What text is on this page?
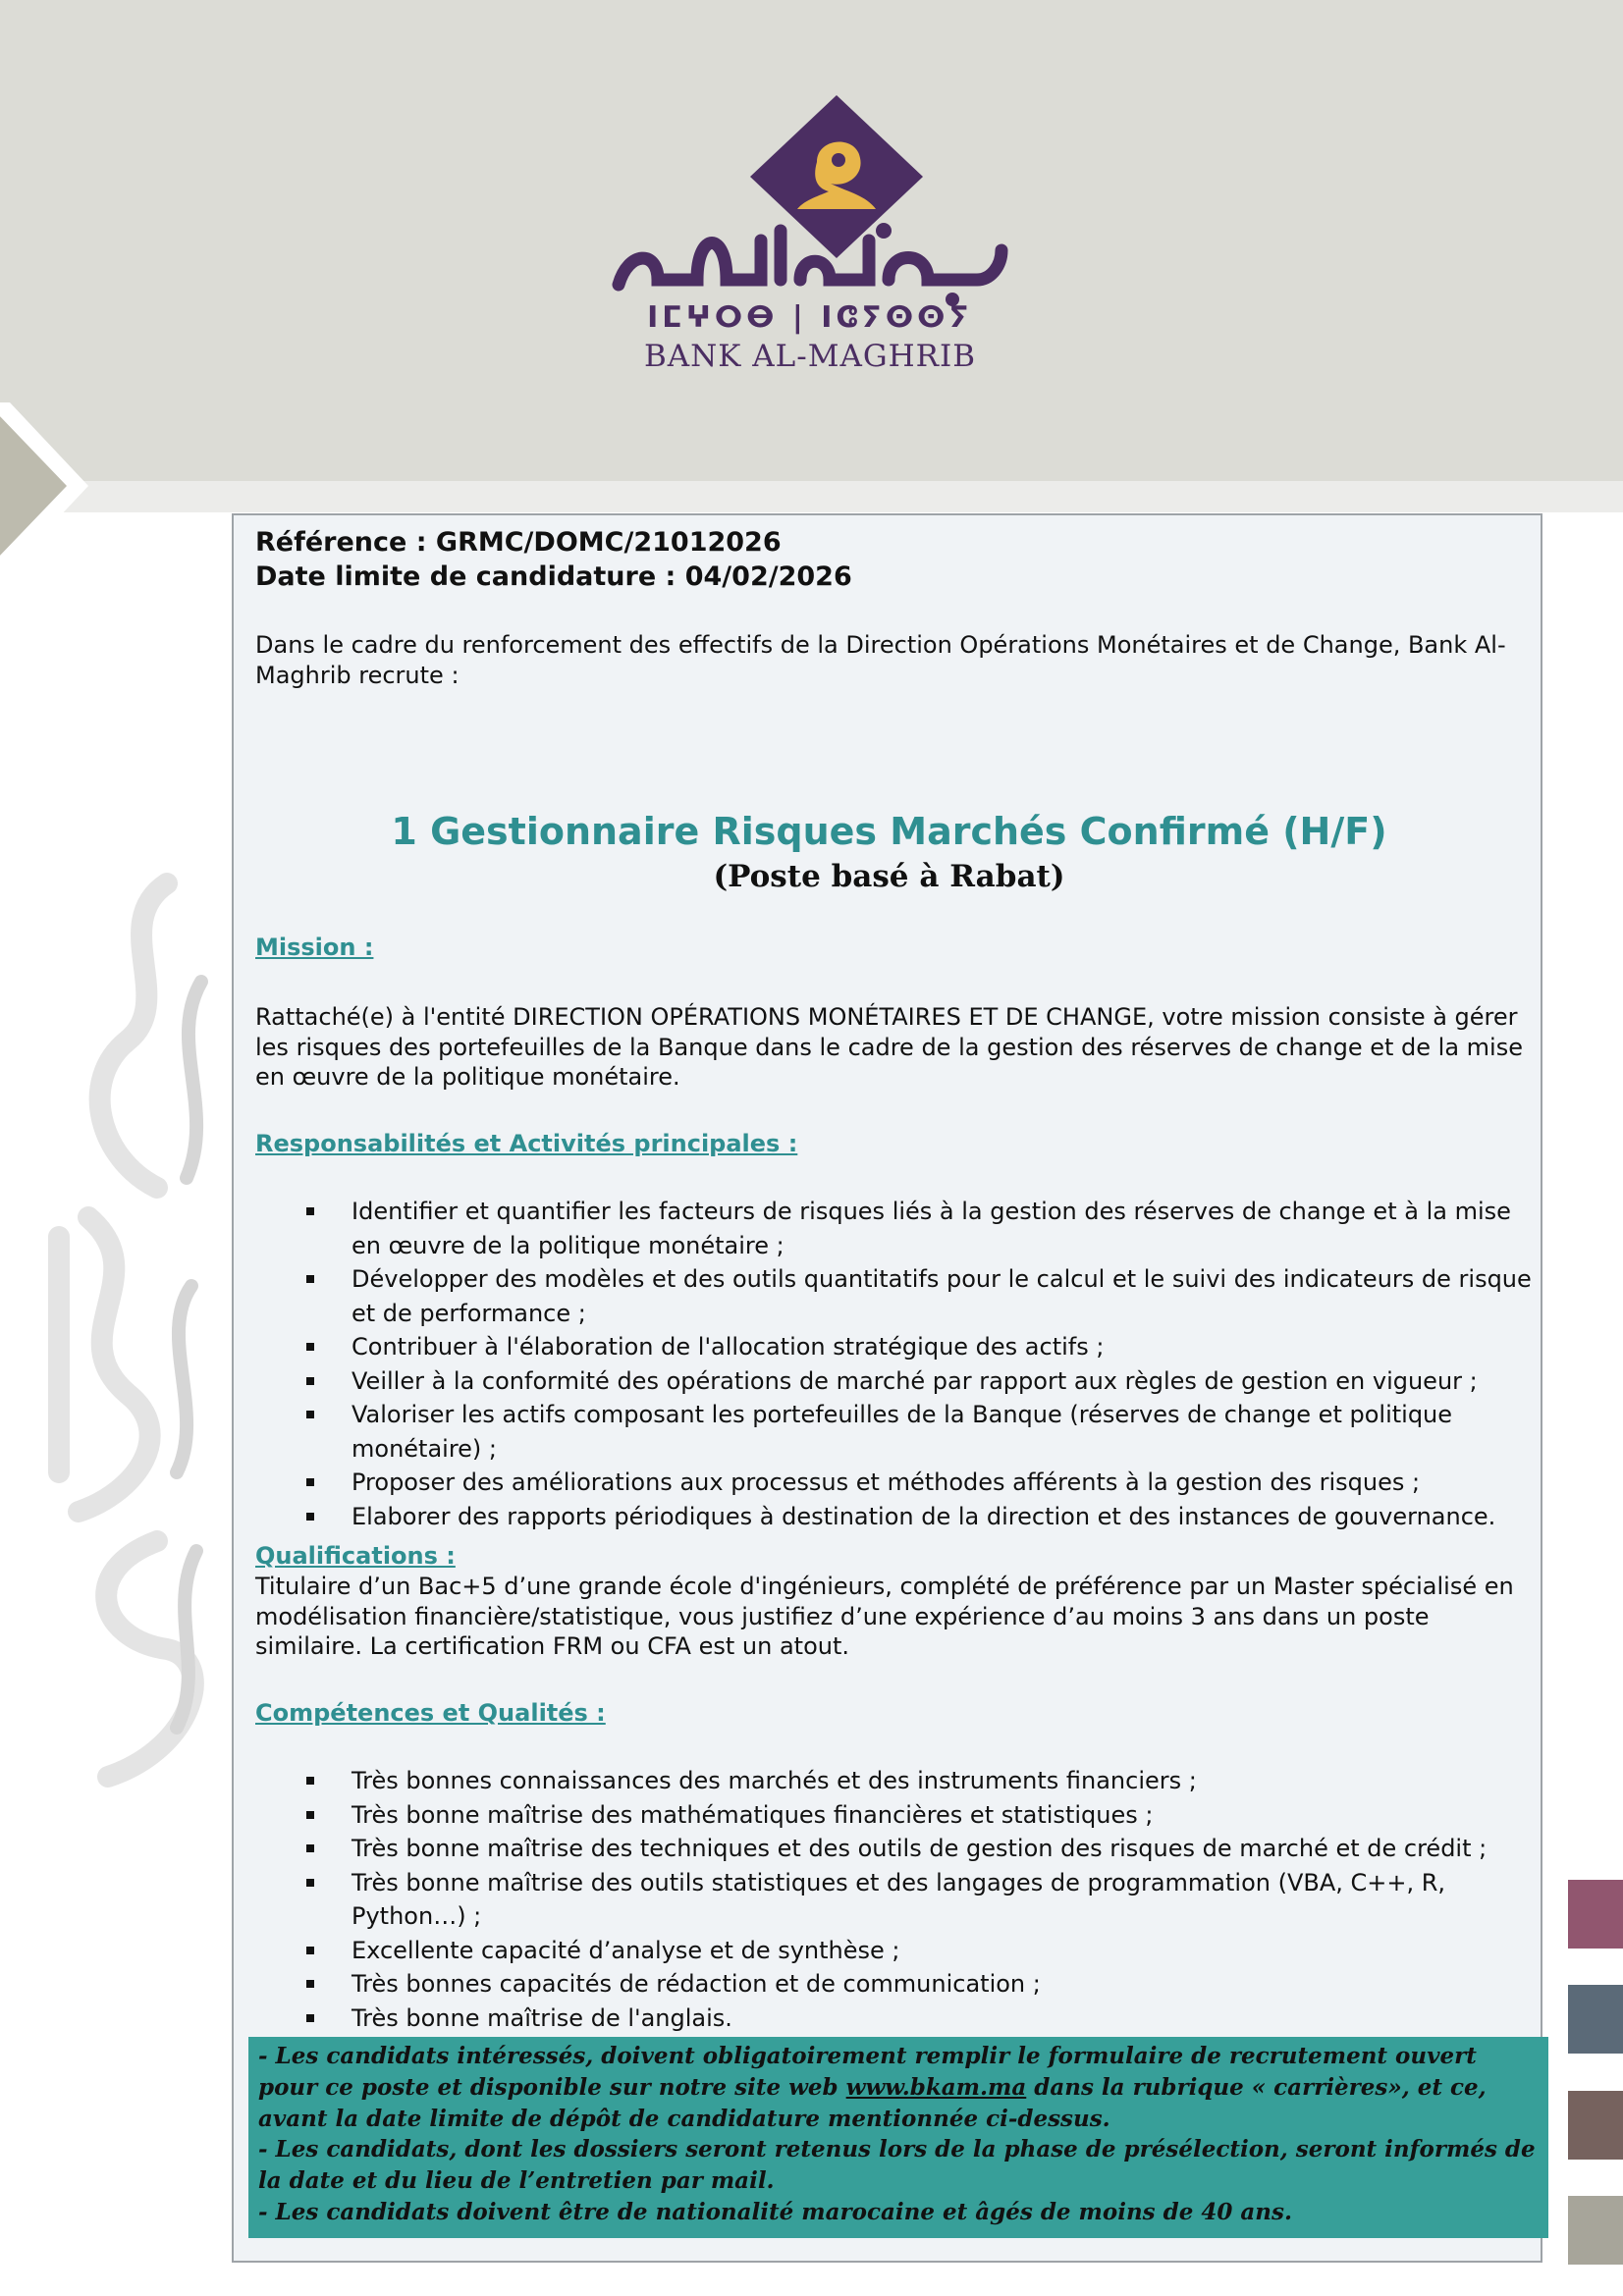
ⵏⵎⵖⵔⴱ | ⵏⵛⵢⵙⵙⵢ
BANK AL-MAGHRIB

Référence : GRMC/DOMC/21012026
Date limite de candidature : 04/02/2026

Dans le cadre du renforcement des effectifs de la Direction Opérations Monétaires et de Change, Bank Al-Maghrib recrute :

1 Gestionnaire Risques Marchés Confirmé (H/F)

(Poste basé à Rabat)

Mission :

Rattaché(e) à l'entité DIRECTION OPÉRATIONS MONÉTAIRES ET DE CHANGE, votre mission consiste à gérer les risques des portefeuilles de la Banque dans le cadre de la gestion des réserves de change et de la mise en œuvre de la politique monétaire.

Responsabilités et Activités principales :

Identifier et quantifier les facteurs de risques liés à la gestion des réserves de change et à la mise en œuvre de la politique monétaire ;
Développer des modèles et des outils quantitatifs pour le calcul et le suivi des indicateurs de risque et de performance ;
Contribuer à l'élaboration de l'allocation stratégique des actifs ;
Veiller à la conformité des opérations de marché par rapport aux règles de gestion en vigueur ;
Valoriser les actifs composant les portefeuilles de la Banque (réserves de change et politique monétaire) ;
Proposer des améliorations aux processus et méthodes afférents à la gestion des risques ;
Elaborer des rapports périodiques à destination de la direction et des instances de gouvernance.

Qualifications :

Titulaire d’un Bac+5 d’une grande école d'ingénieurs, complété de préférence par un Master spécialisé en modélisation financière/statistique, vous justifiez d’une expérience d’au moins 3 ans dans un poste similaire. La certification FRM ou CFA est un atout.

Compétences et Qualités :

Très bonnes connaissances des marchés et des instruments financiers ;
Très bonne maîtrise des mathématiques financières et statistiques ;
Très bonne maîtrise des techniques et des outils de gestion des risques de marché et de crédit ;
Très bonne maîtrise des outils statistiques et des langages de programmation (VBA, C++, R, Python…) ;
Excellente capacité d’analyse et de synthèse ;
Très bonnes capacités de rédaction et de communication ;
Très bonne maîtrise de l'anglais.
- Les candidats intéressés, doivent obligatoirement remplir le formulaire de recrutement ouvert pour ce poste et disponible sur notre site web www.bkam.ma dans la rubrique « carrières», et ce, avant la date limite de dépôt de candidature mentionnée ci-dessus.
- Les candidats, dont les dossiers seront retenus lors de la phase de présélection, seront informés de la date et du lieu de l’entretien par mail.
- Les candidats doivent être de nationalité marocaine et âgés de moins de 40 ans.
